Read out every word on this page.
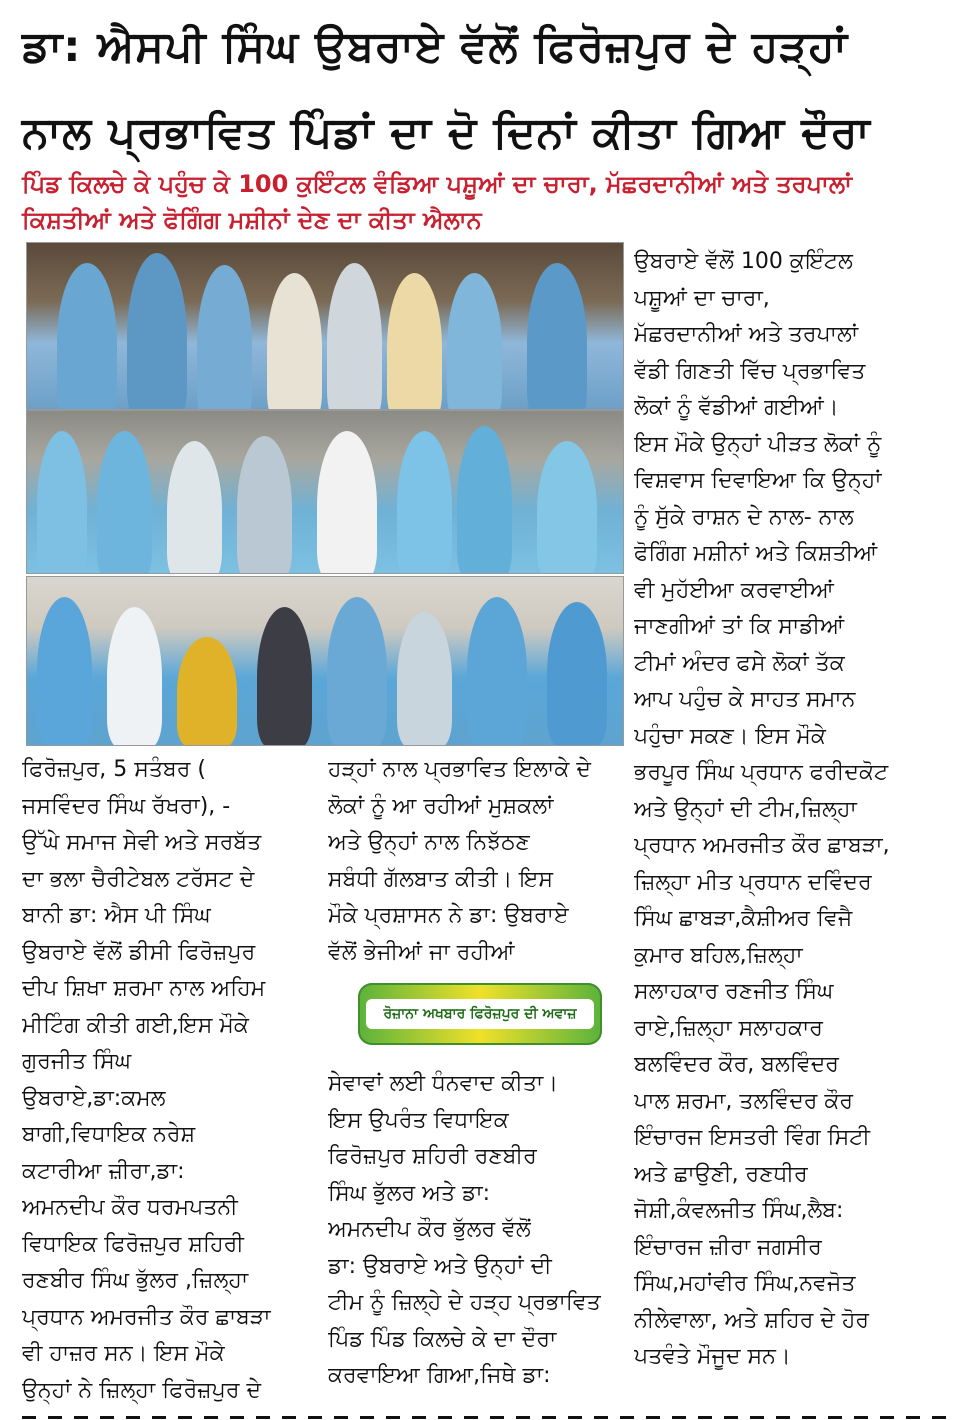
ਡਾ: ਐਸਪੀ ਸਿੰਘ ਉਬਰਾਏ ਵੱਲੋਂ ਫਿਰੋਜ਼ਪੁਰ ਦੇ ਹੜ੍ਹਾਂ
ਨਾਲ ਪ੍ਰਭਾਵਿਤ ਪਿੰਡਾਂ ਦਾ ਦੋ ਦਿਨਾਂ ਕੀਤਾ ਗਿਆ ਦੌਰਾ
ਪਿੰਡ ਕਿਲਚੇ ਕੇ ਪਹੁੰਚ ਕੇ 100 ਕੁਇੰਟਲ ਵੰਡਿਆ ਪਸ਼ੂਆਂ ਦਾ ਚਾਰਾ, ਮੱਛਰਦਾਨੀਆਂ ਅਤੇ ਤਰਪਾਲਾਂ
ਕਿਸ਼ਤੀਆਂ ਅਤੇ ਫੋਗਿੰਗ ਮਸ਼ੀਨਾਂ ਦੇਣ ਦਾ ਕੀਤਾ ਐਲਾਨ
ਫਿਰੋਜ਼ਪੁਰ, 5 ਸਤੰਬਰ (
ਜਸਵਿੰਦਰ ਸਿੰਘ ਰੱਖਰਾ), -
ਉੱਘੇ ਸਮਾਜ ਸੇਵੀ ਅਤੇ ਸਰਬੱਤ
ਦਾ ਭਲਾ ਚੈਰੀਟੇਬਲ ਟਰੱਸਟ ਦੇ
ਬਾਨੀ ਡਾ: ਐਸ ਪੀ ਸਿੰਘ
ਉਬਰਾਏ ਵੱਲੋਂ ਡੀਸੀ ਫਿਰੋਜ਼ਪੁਰ
ਦੀਪ ਸ਼ਿਖਾ ਸ਼ਰਮਾ ਨਾਲ ਅਹਿਮ
ਮੀਟਿੰਗ ਕੀਤੀ ਗਈ,ਇਸ ਮੌਕੇ
ਗੁਰਜੀਤ ਸਿੰਘ
ਉਬਰਾਏ,ਡਾ:ਕਮਲ
ਬਾਗੀ,ਵਿਧਾਇਕ ਨਰੇਸ਼
ਕਟਾਰੀਆ ਜ਼ੀਰਾ,ਡਾ:
ਅਮਨਦੀਪ ਕੌਰ ਧਰਮਪਤਨੀ
ਵਿਧਾਇਕ ਫਿਰੋਜ਼ਪੁਰ ਸ਼ਹਿਰੀ
ਰਣਬੀਰ ਸਿੰਘ ਭੁੱਲਰ ,ਜ਼ਿਲ੍ਹਾ
ਪ੍ਰਧਾਨ ਅਮਰਜੀਤ ਕੌਰ ਛਾਬੜਾ
ਵੀ ਹਾਜ਼ਰ ਸਨ। ਇਸ ਮੌਕੇ
ਉਨ੍ਹਾਂ ਨੇ ਜ਼ਿਲ੍ਹਾ ਫਿਰੋਜ਼ਪੁਰ ਦੇ
ਹੜ੍ਹਾਂ ਨਾਲ ਪ੍ਰਭਾਵਿਤ ਇਲਾਕੇ ਦੇ
ਲੋਕਾਂ ਨੂੰ ਆ ਰਹੀਆਂ ਮੁਸ਼ਕਲਾਂ
ਅਤੇ ਉਨ੍ਹਾਂ ਨਾਲ ਨਿਝੱਠਣ
ਸਬੰਧੀ ਗੱਲਬਾਤ ਕੀਤੀ। ਇਸ
ਮੌਕੇ ਪ੍ਰਸ਼ਾਸਨ ਨੇ ਡਾ: ਉਬਰਾਏ
ਵੱਲੋਂ ਭੇਜੀਆਂ ਜਾ ਰਹੀਆਂ
ਰੋਜ਼ਾਨਾ ਅਖਬਾਰ ਫਿਰੋਜ਼ਪੁਰ ਦੀ ਅਵਾਜ਼
ਸੇਵਾਵਾਂ ਲਈ ਧੰਨਵਾਦ ਕੀਤਾ।
ਇਸ ਉਪਰੰਤ ਵਿਧਾਇਕ
ਫਿਰੋਜ਼ਪੁਰ ਸ਼ਹਿਰੀ ਰਣਬੀਰ
ਸਿੰਘ ਭੁੱਲਰ ਅਤੇ ਡਾ:
ਅਮਨਦੀਪ ਕੌਰ ਭੁੱਲਰ ਵੱਲੋਂ
ਡਾ: ਉਬਰਾਏ ਅਤੇ ਉਨ੍ਹਾਂ ਦੀ
ਟੀਮ ਨੂੰ ਜ਼ਿਲ੍ਹੇ ਦੇ ਹੜ੍ਹ ਪ੍ਰਭਾਵਿਤ
ਪਿੰਡ ਪਿੰਡ ਕਿਲਚੇ ਕੇ ਦਾ ਦੌਰਾ
ਕਰਵਾਇਆ ਗਿਆ,ਜਿਥੇ ਡਾ:
ਉਬਰਾਏ ਵੱਲੋਂ 100 ਕੁਇੰਟਲ
ਪਸ਼ੂਆਂ ਦਾ ਚਾਰਾ,
ਮੱਛਰਦਾਨੀਆਂ ਅਤੇ ਤਰਪਾਲਾਂ
ਵੱਡੀ ਗਿਣਤੀ ਵਿੱਚ ਪ੍ਰਭਾਵਿਤ
ਲੋਕਾਂ ਨੂੰ ਵੱਡੀਆਂ ਗਈਆਂ।
ਇਸ ਮੌਕੇ ਉਨ੍ਹਾਂ ਪੀੜਤ ਲੋਕਾਂ ਨੂੰ
ਵਿਸ਼ਵਾਸ ਦਿਵਾਇਆ ਕਿ ਉਨ੍ਹਾਂ
ਨੂੰ ਸੁੱਕੇ ਰਾਸ਼ਨ ਦੇ ਨਾਲ- ਨਾਲ
ਫੋਗਿੰਗ ਮਸ਼ੀਨਾਂ ਅਤੇ ਕਿਸ਼ਤੀਆਂ
ਵੀ ਮੁਹੱਈਆ ਕਰਵਾਈਆਂ
ਜਾਣਗੀਆਂ ਤਾਂ ਕਿ ਸਾਡੀਆਂ
ਟੀਮਾਂ ਅੰਦਰ ਫਸੇ ਲੋਕਾਂ ਤੱਕ
ਆਪ ਪਹੁੰਚ ਕੇ ਸਾਹਤ ਸਮਾਨ
ਪਹੁੰਚਾ ਸਕਣ। ਇਸ ਮੌਕੇ
ਭਰਪੂਰ ਸਿੰਘ ਪ੍ਰਧਾਨ ਫਰੀਦਕੋਟ
ਅਤੇ ਉਨ੍ਹਾਂ ਦੀ ਟੀਮ,ਜ਼ਿਲ੍ਹਾ
ਪ੍ਰਧਾਨ ਅਮਰਜੀਤ ਕੌਰ ਛਾਬੜਾ,
ਜ਼ਿਲ੍ਹਾ ਮੀਤ ਪ੍ਰਧਾਨ ਦਵਿੰਦਰ
ਸਿੰਘ ਛਾਬੜਾ,ਕੈਸ਼ੀਅਰ ਵਿਜੈ
ਕੁਮਾਰ ਬਹਿਲ,ਜ਼ਿਲ੍ਹਾ
ਸਲਾਹਕਾਰ ਰਣਜੀਤ ਸਿੰਘ
ਰਾਏ,ਜ਼ਿਲ੍ਹਾ ਸਲਾਹਕਾਰ
ਬਲਵਿੰਦਰ ਕੌਰ, ਬਲਵਿੰਦਰ
ਪਾਲ ਸ਼ਰਮਾ, ਤਲਵਿੰਦਰ ਕੌਰ
ਇੰਚਾਰਜ ਇਸਤਰੀ ਵਿੰਗ ਸਿਟੀ
ਅਤੇ ਛਾਉਣੀ, ਰਣਧੀਰ
ਜੋਸ਼ੀ,ਕੰਵਲਜੀਤ ਸਿੰਘ,ਲੈਬ:
ਇੰਚਾਰਜ ਜ਼ੀਰਾ ਜਗਸੀਰ
ਸਿੰਘ,ਮਹਾਂਵੀਰ ਸਿੰਘ,ਨਵਜੋਤ
ਨੀਲੇਵਾਲਾ, ਅਤੇ ਸ਼ਹਿਰ ਦੇ ਹੋਰ
ਪਤਵੰਤੇ ਮੌਜੂਦ ਸਨ।
